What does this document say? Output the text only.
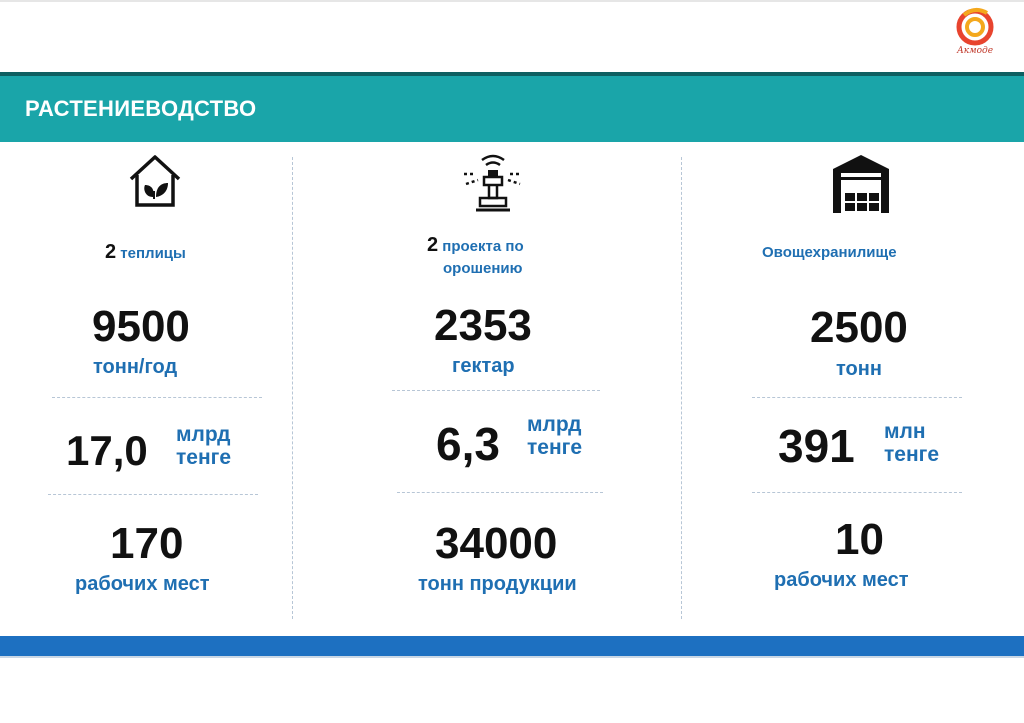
Акмоде
РАСТЕНИЕВОДСТВО
2 теплицы
9500
тонн/год
17,0 млрд
тенге
170
рабочих мест
2 проекта по
орошению
2353
гектар
6,3 млрд
тенге
34000
тонн продукции
Овощехранилище
2500
тонн
391 млн
тенге
10
рабочих мест
